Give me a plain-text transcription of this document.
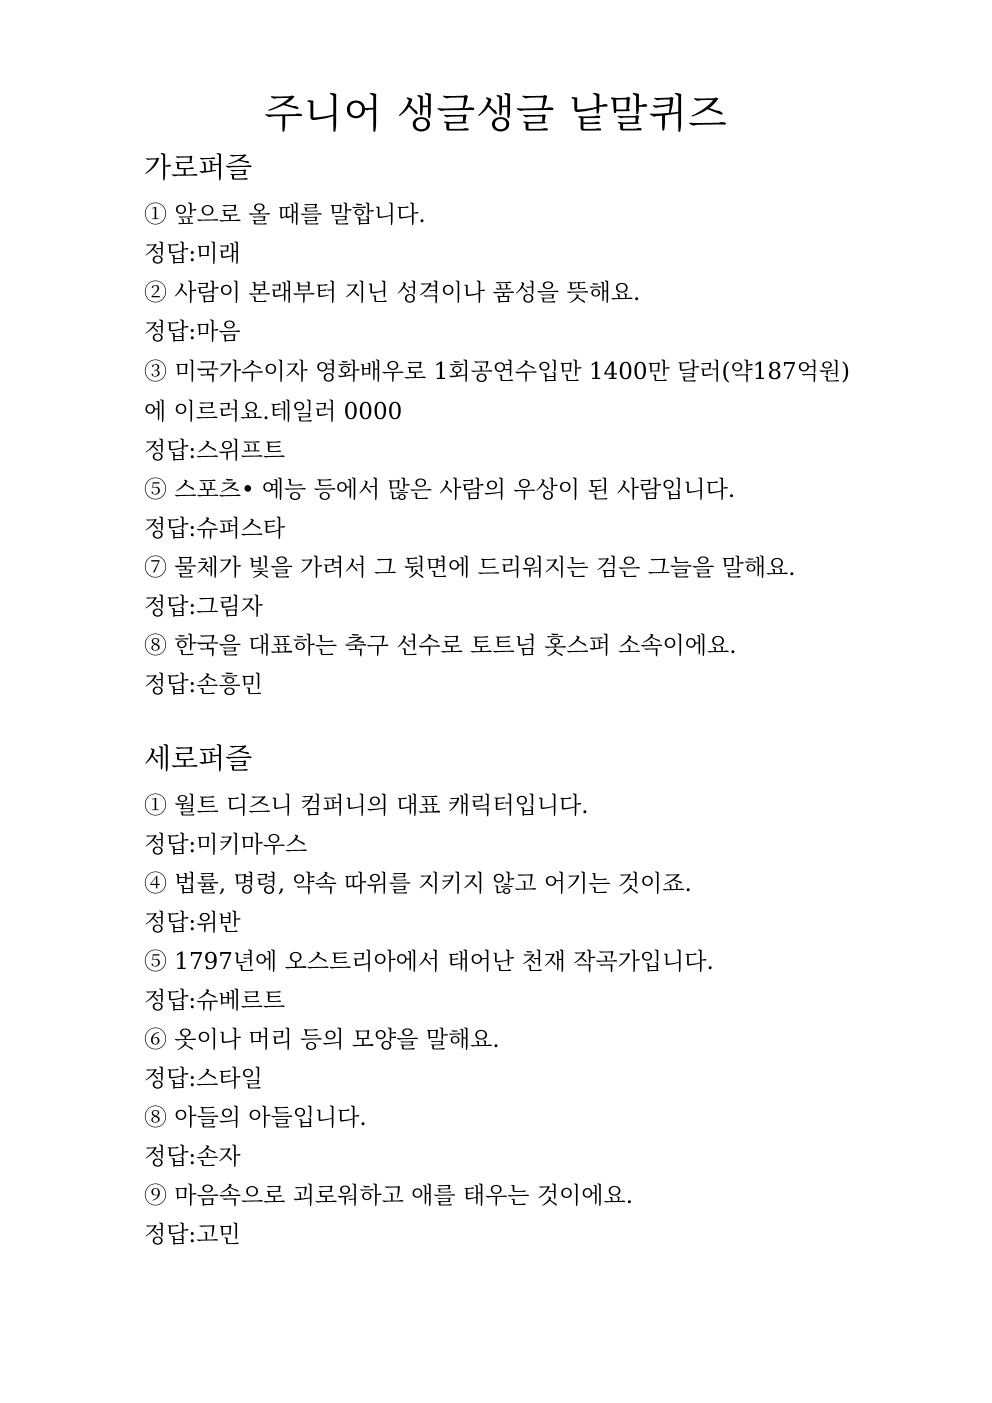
주니어 생글생글 낱말퀴즈
가로퍼즐
① 앞으로 올 때를 말합니다.
정답:미래
② 사람이 본래부터 지닌 성격이나 품성을 뜻해요.
정답:마음
③ 미국가수이자 영화배우로 1회공연수입만 1400만 달러(약187억원)에 이르러요.테일러 0000
정답:스위프트
⑤ 스포츠• 예능 등에서 많은 사람의 우상이 된 사람입니다.
정답:슈퍼스타
⑦ 물체가 빛을 가려서 그 뒷면에 드리워지는 검은 그늘을 말해요.
정답:그림자
⑧ 한국을 대표하는 축구 선수로 토트넘 홋스퍼 소속이에요.
정답:손흥민
세로퍼즐
① 월트 디즈니 컴퍼니의 대표 캐릭터입니다.
정답:미키마우스
④ 법률, 명령, 약속 따위를 지키지 않고 어기는 것이죠.
정답:위반
⑤ 1797년에 오스트리아에서 태어난 천재 작곡가입니다.
정답:슈베르트
⑥ 옷이나 머리 등의 모양을 말해요.
정답:스타일
⑧ 아들의 아들입니다.
정답:손자
⑨ 마음속으로 괴로워하고 애를 태우는 것이에요.
정답:고민
